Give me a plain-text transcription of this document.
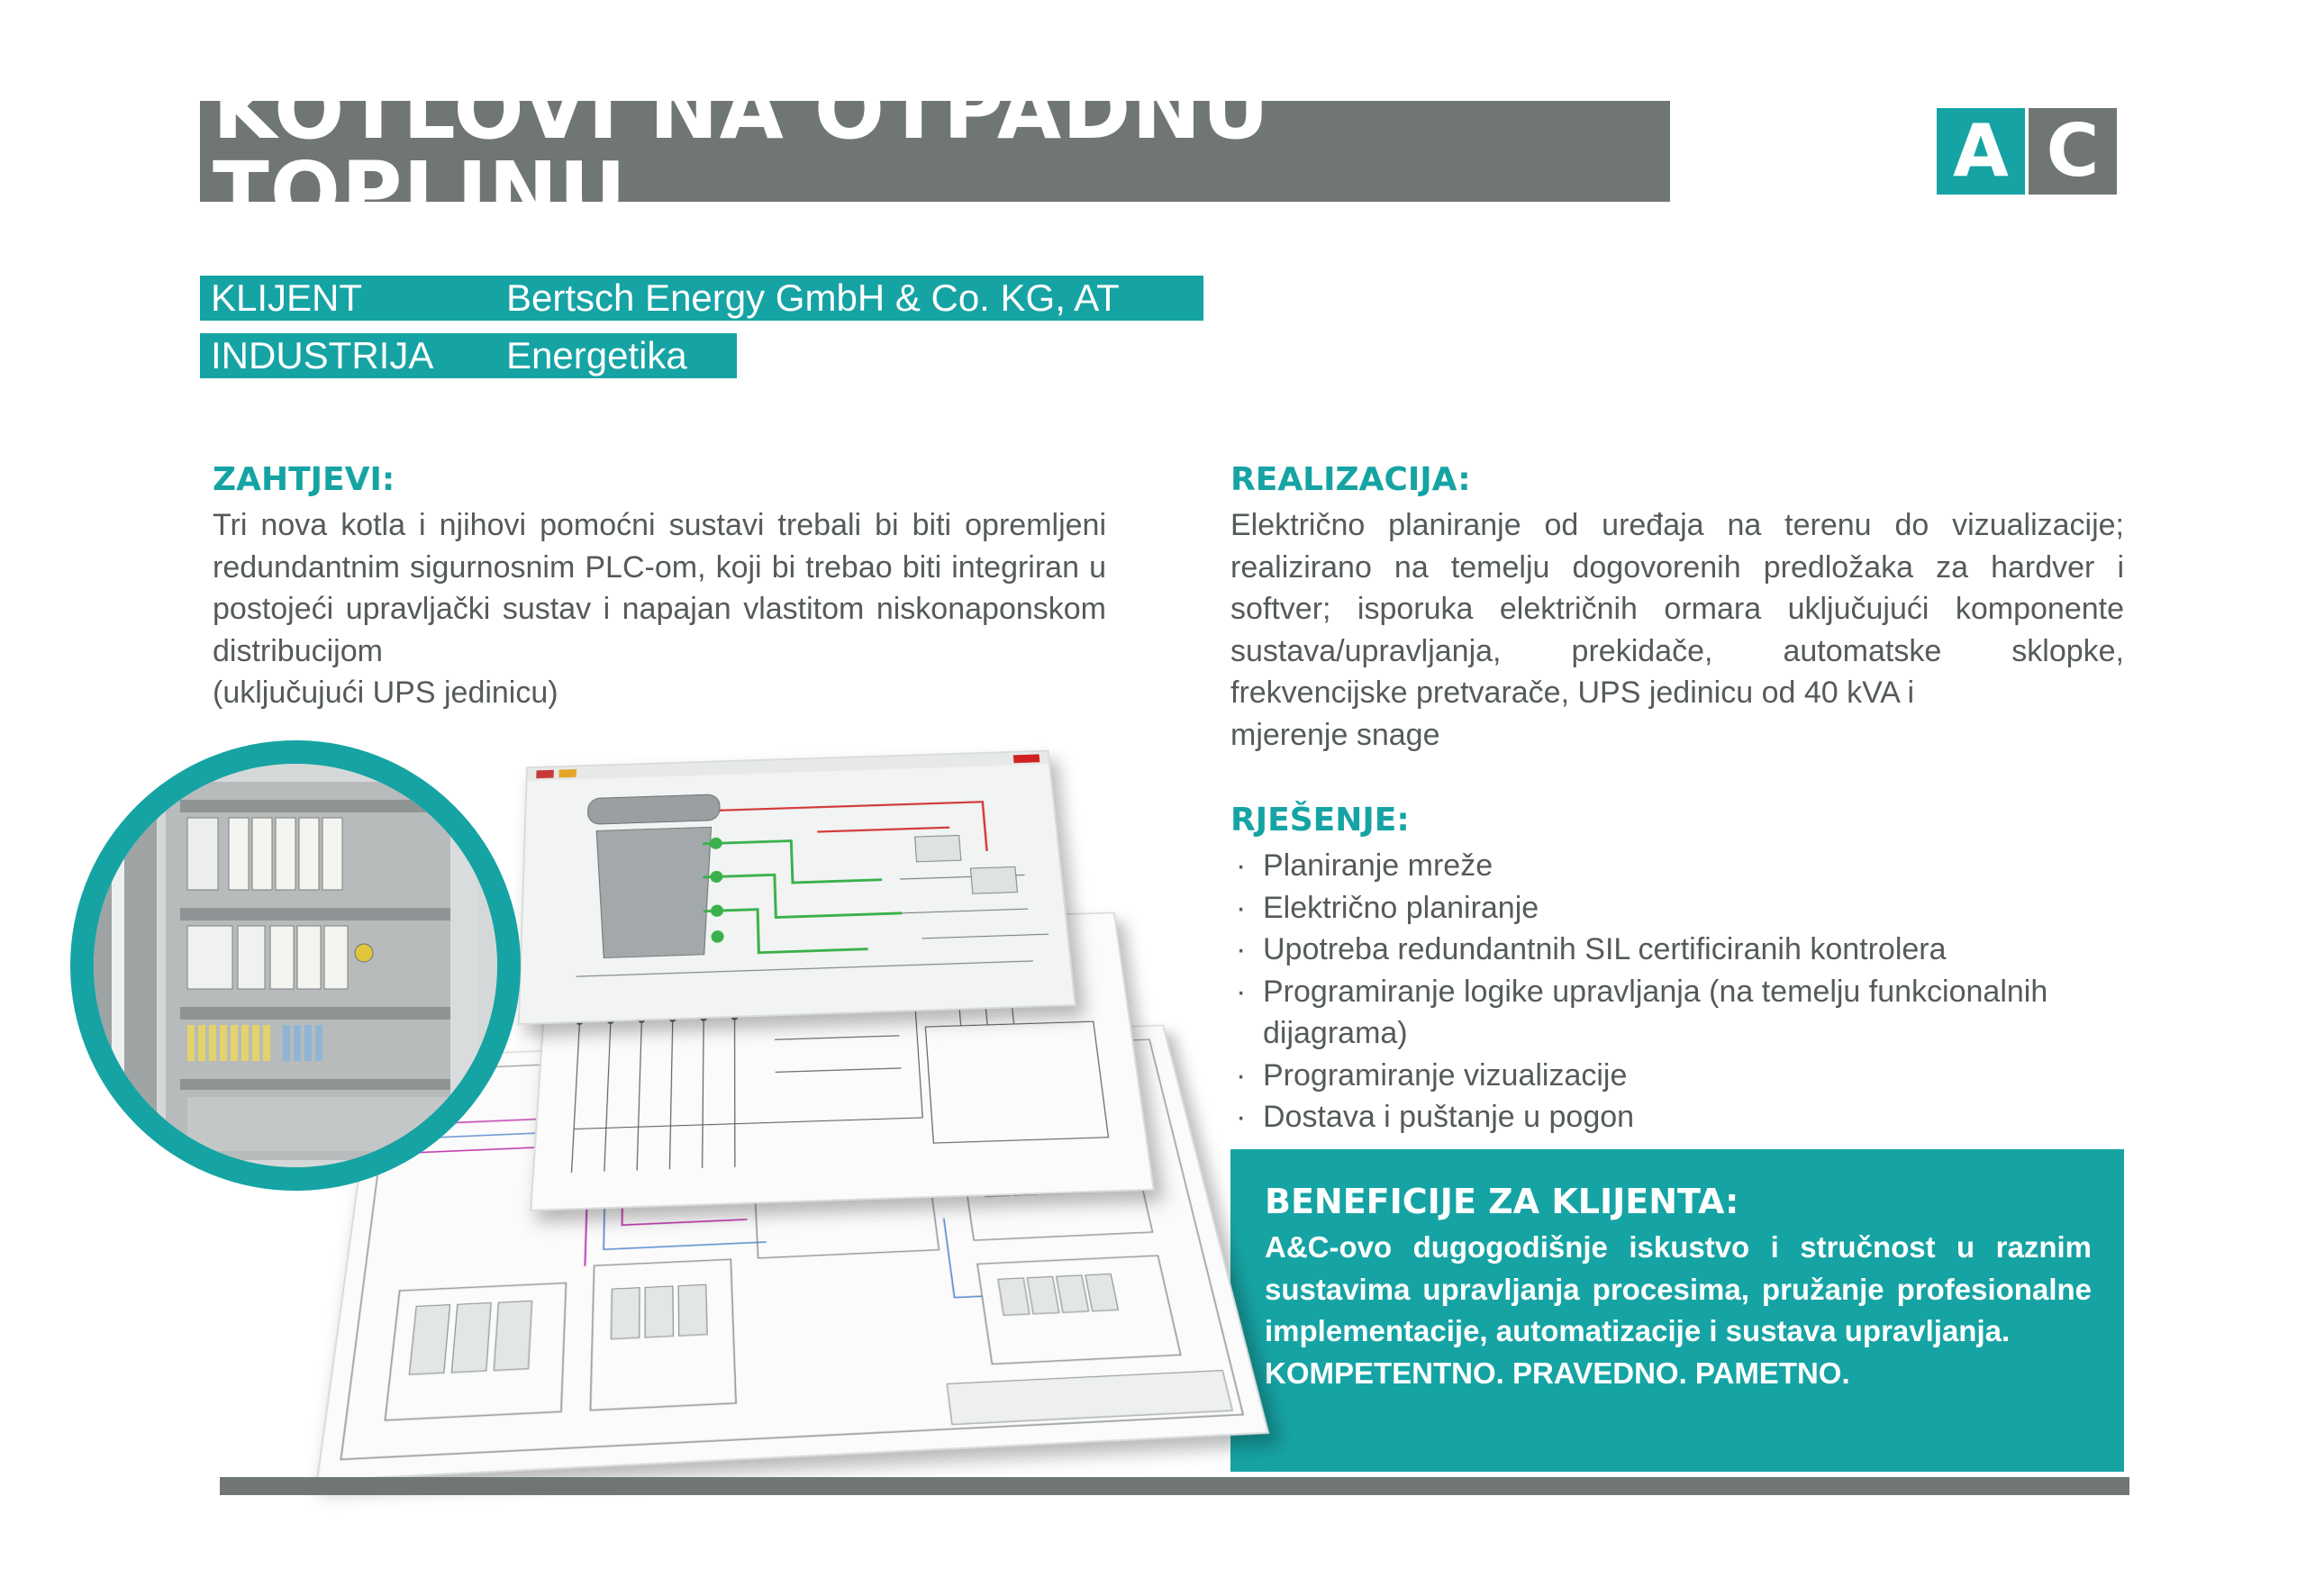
KOTLOVI NA OTPADNU TOPLINU	A C
KLIJENT	Bertsch Energy GmbH & Co. KG, AT
INDUSTRIJA	Energetika
ZAHTJEVI:
Tri nova kotla i njihovi pomoćni sustavi trebali bi biti opremljeni redundantnim sigurnosnim PLC-om, koji bi trebao biti integriran u postojeći upravljački sustav i napajan vlastitom niskonaponskom distribucijom
(uključujući UPS jedinicu)
REALIZACIJA:
Električno planiranje od uređaja na terenu do vizualizacije; realizirano na temelju dogovorenih predložaka za hardver i softver; isporuka električnih ormara uključujući komponente sustava/upravljanja, prekidače, automatske sklopke, frekvencijske pretvarače, UPS jedinicu od 40 kVA i
mjerenje snage
RJEŠENJE:
· Planiranje mreže
· Električno planiranje
· Upotreba redundantnih SIL certificiranih kontrolera
· Programiranje logike upravljanja (na temelju funkcionalnih dijagrama)
· Programiranje vizualizacije
· Dostava i puštanje u pogon
BENEFICIJE ZA KLIJENTA:

A&C-ovo dugogodišnje iskustvo i stručnost u raznim sustavima upravljanja procesima, pružanje profesionalne implementacije, automatizacije i sustava upravljanja.

KOMPETENTNO. PRAVEDNO. PAMETNO.
